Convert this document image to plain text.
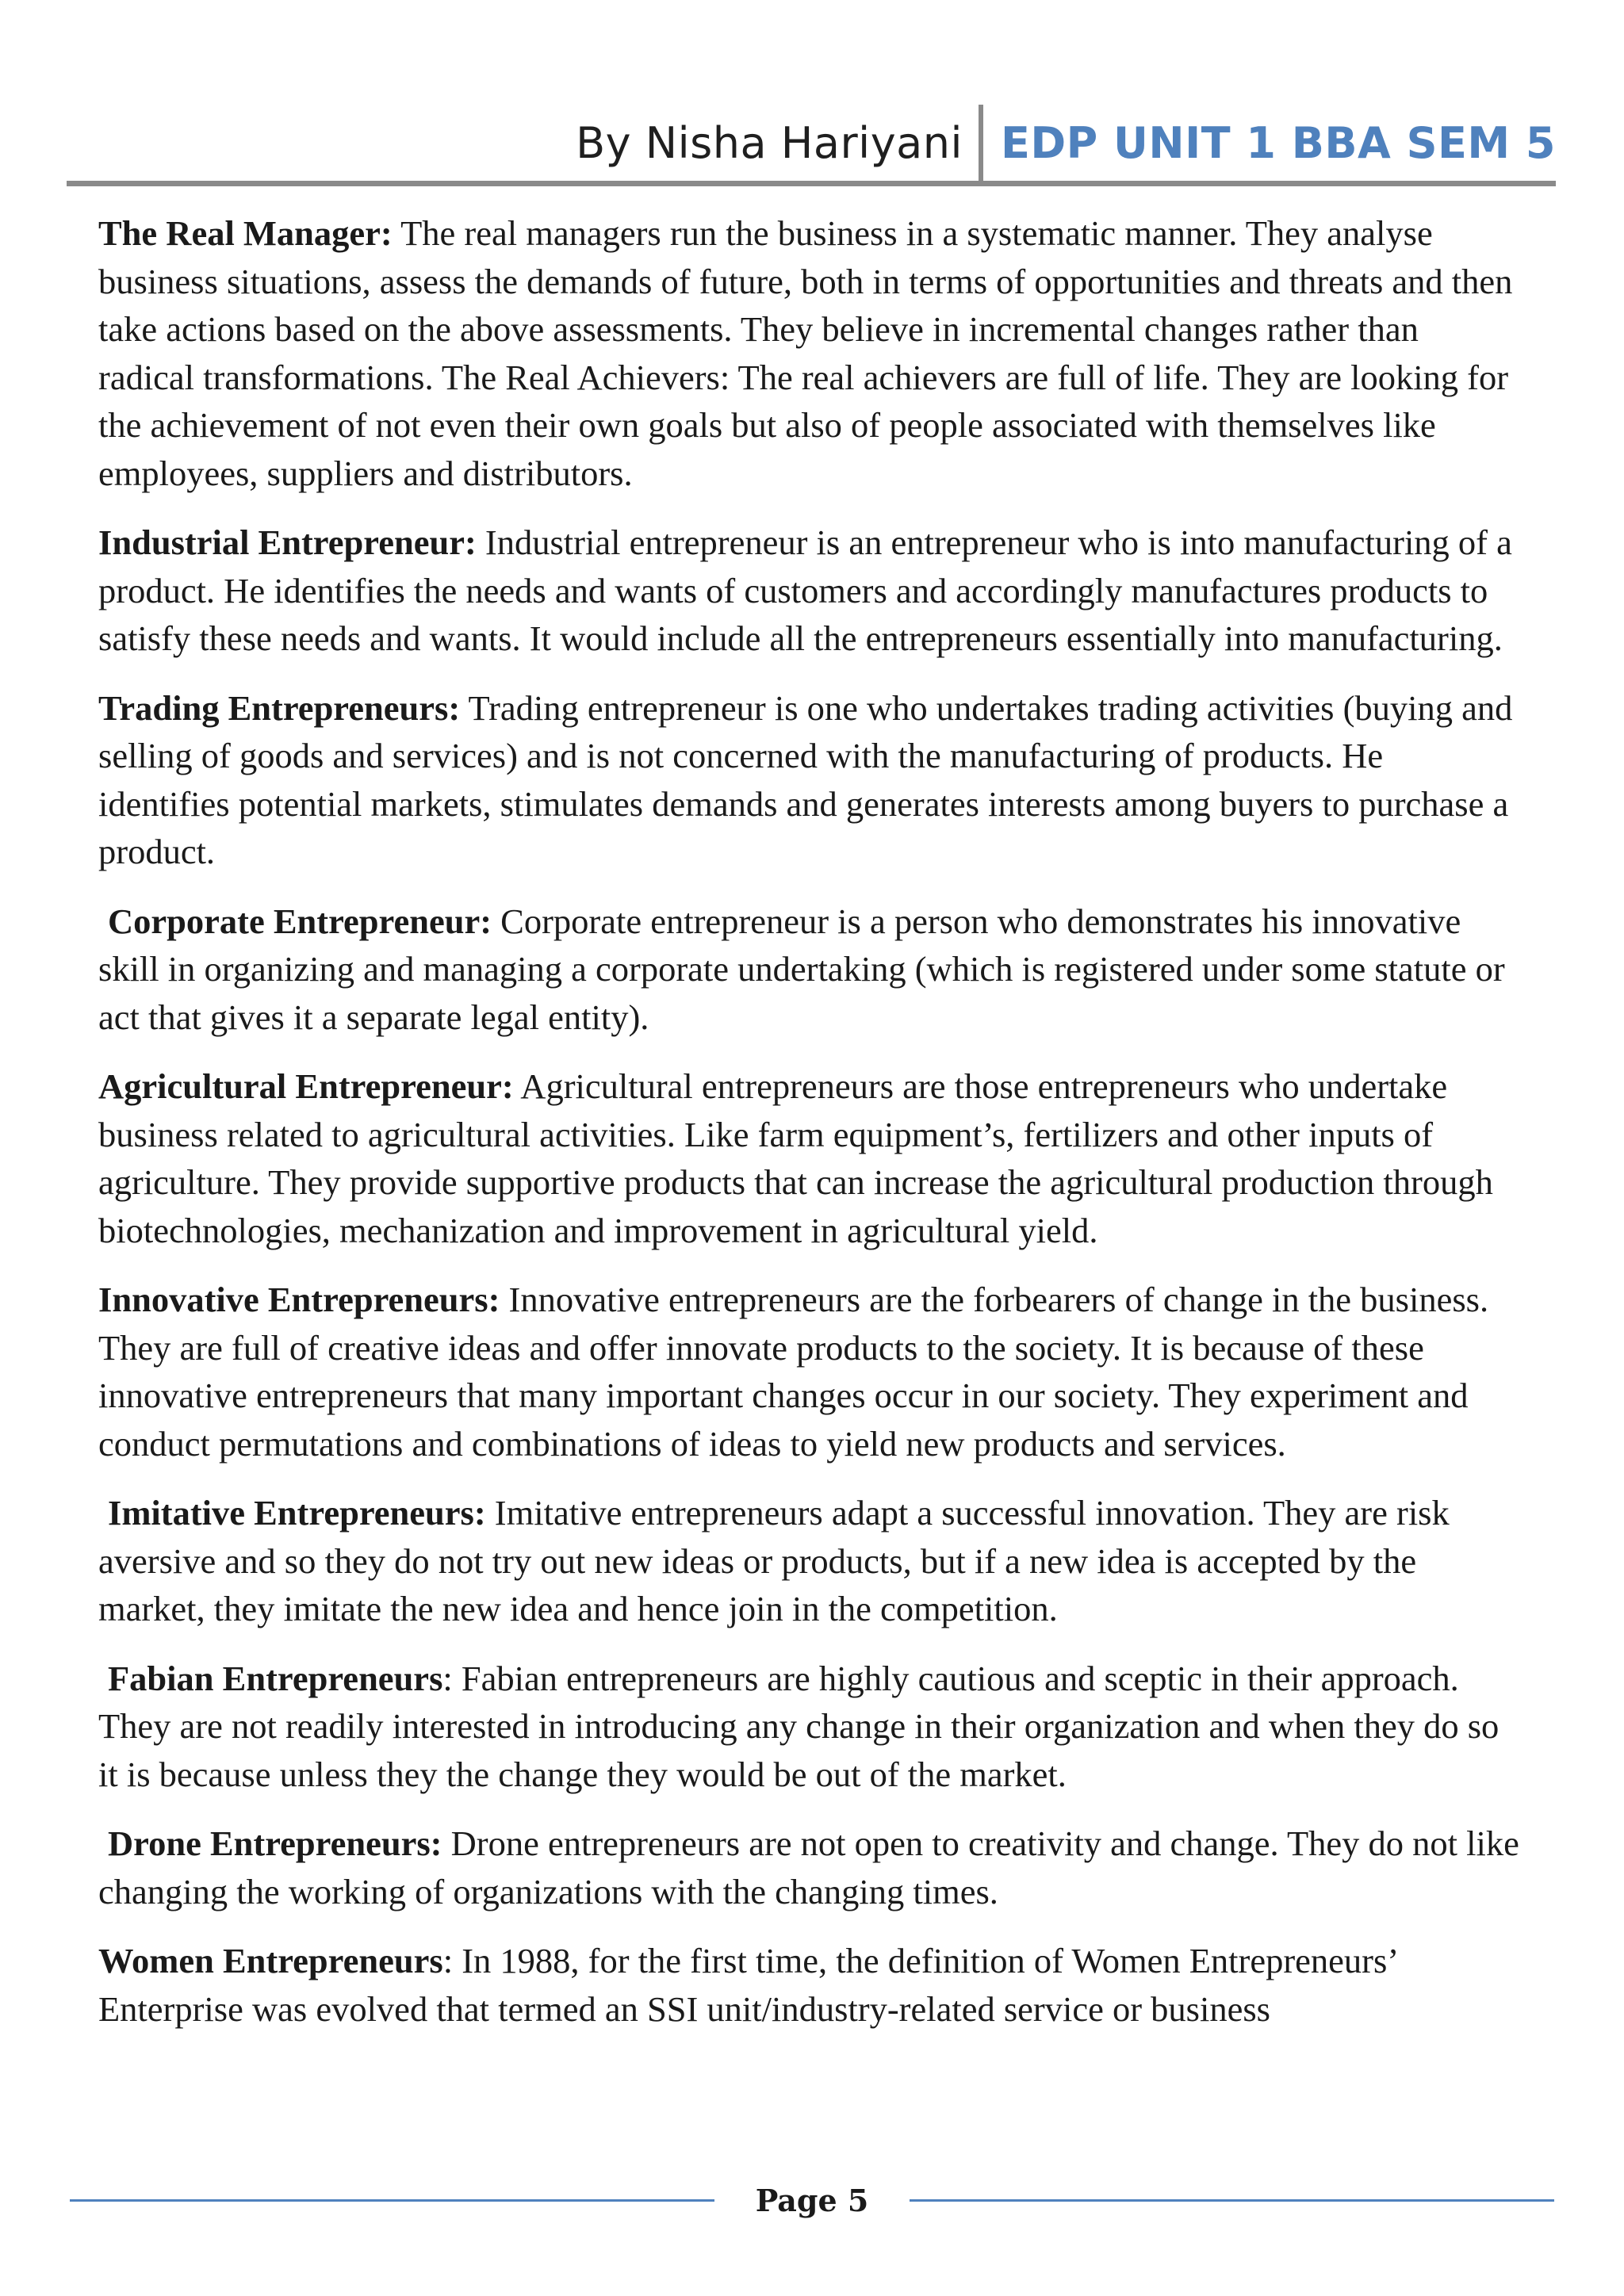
By Nisha Hariyani EDP UNIT 1 BBA SEM 5

The Real Manager: The real managers run the business in a systematic manner. They analyse business situations, assess the demands of future, both in terms of opportunities and threats and then take actions based on the above assessments. They believe in incremental changes rather than radical transformations. The Real Achievers: The real achievers are full of life. They are looking for the achievement of not even their own goals but also of people associated with themselves like employees, suppliers and distributors.

Industrial Entrepreneur: Industrial entrepreneur is an entrepreneur who is into manufacturing of a product. He identifies the needs and wants of customers and accordingly manufactures products to satisfy these needs and wants. It would include all the entrepreneurs essentially into manufacturing.

Trading Entrepreneurs: Trading entrepreneur is one who undertakes trading activities (buying and selling of goods and services) and is not concerned with the manufacturing of products. He identifies potential markets, stimulates demands and generates interests among buyers to purchase a product.

Corporate Entrepreneur: Corporate entrepreneur is a person who demonstrates his innovative skill in organizing and managing a corporate undertaking (which is registered under some statute or act that gives it a separate legal entity).

Agricultural Entrepreneur: Agricultural entrepreneurs are those entrepreneurs who undertake business related to agricultural activities. Like farm equipment’s, fertilizers and other inputs of agriculture. They provide supportive products that can increase the agricultural production through biotechnologies, mechanization and improvement in agricultural yield.

Innovative Entrepreneurs: Innovative entrepreneurs are the forbearers of change in the business. They are full of creative ideas and offer innovate products to the society. It is because of these innovative entrepreneurs that many important changes occur in our society. They experiment and conduct permutations and combinations of ideas to yield new products and services.

Imitative Entrepreneurs: Imitative entrepreneurs adapt a successful innovation. They are risk aversive and so they do not try out new ideas or products, but if a new idea is accepted by the market, they imitate the new idea and hence join in the competition.

Fabian Entrepreneurs: Fabian entrepreneurs are highly cautious and sceptic in their approach. They are not readily interested in introducing any change in their organization and when they do so it is because unless they the change they would be out of the market.

Drone Entrepreneurs: Drone entrepreneurs are not open to creativity and change. They do not like changing the working of organizations with the changing times.

Women Entrepreneurs: In 1988, for the first time, the definition of Women Entrepreneurs’ Enterprise was evolved that termed an SSI unit/industry-related service or business

Page 5
